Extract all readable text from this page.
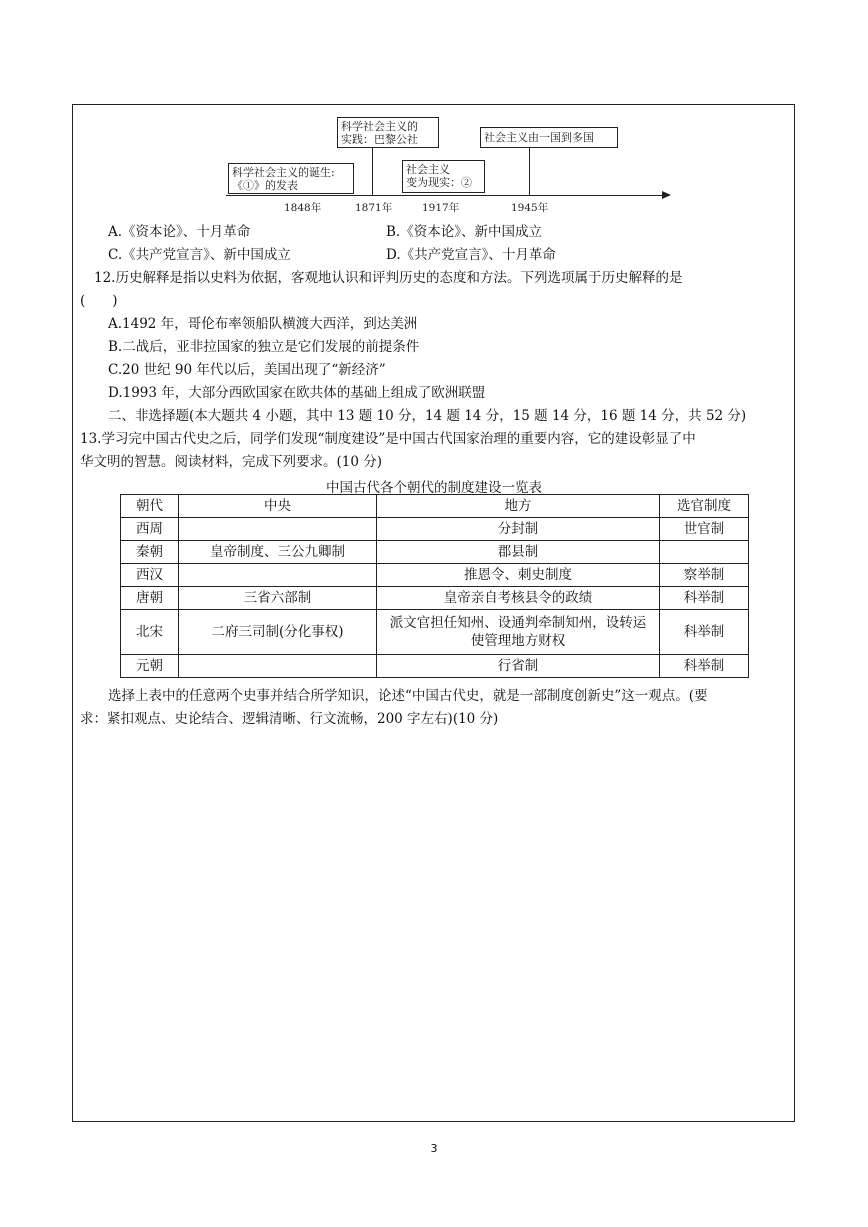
科学社会主义的诞生:《①》的发表
科学社会主义的
实践：巴黎公社
社会主义
变为现实：②
社会主义由一国到多国
1848年	1871年	1917年	1945年
A.《资本论》、十月革命	B.《资本论》、新中国成立
C.《共产党宣言》、新中国成立	D.《共产党宣言》、十月革命
12.历史解释是指以史料为依据，客观地认识和评判历史的态度和方法。下列选项属于历史解释的是
(　　)
A.1492 年，哥伦布率领船队横渡大西洋，到达美洲
B.二战后，亚非拉国家的独立是它们发展的前提条件
C.20 世纪 90 年代以后，美国出现了“新经济”
D.1993 年，大部分西欧国家在欧共体的基础上组成了欧洲联盟
二、非选择题(本大题共 4 小题，其中 13 题 10 分，14 题 14 分，15 题 14 分，16 题 14 分，共 52 分)
13.学习完中国古代史之后，同学们发现“制度建设”是中国古代国家治理的重要内容，它的建设彰显了中
华文明的智慧。阅读材料，完成下列要求。(10 分)
中国古代各个朝代的制度建设一览表
朝代	中央	地方	选官制度
西周		分封制	世官制
秦朝	皇帝制度、三公九卿制	郡县制	
西汉		推恩令、刺史制度	察举制
唐朝	三省六部制	皇帝亲自考核县令的政绩	科举制
北宋	二府三司制(分化事权)	派文官担任知州、设通判牵制知州，设转运使管理地方财权	科举制
元朝		行省制	科举制
选择上表中的任意两个史事并结合所学知识，论述“中国古代史，就是一部制度创新史”这一观点。(要
求：紧扣观点、史论结合、逻辑清晰、行文流畅，200 字左右)(10 分)
3
